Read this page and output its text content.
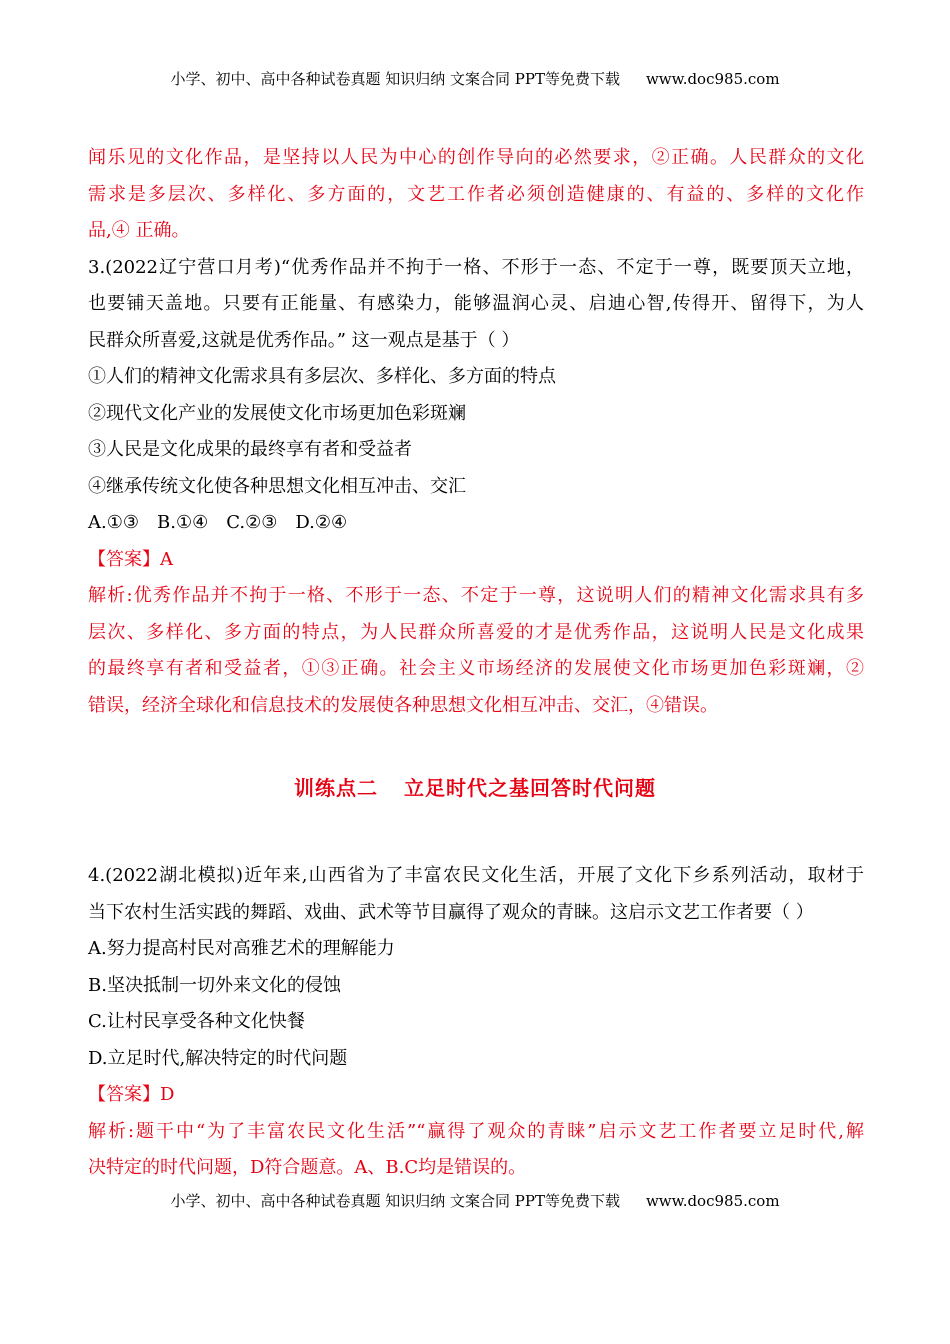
小学、初中、高中各种试卷真题 知识归纳 文案合同 PPT等免费下载 www.doc985.com
闻乐见的文化作品，是坚持以人民为中心的创作导向的必然要求，②正确。人民群众的文化
需求是多层次、多样化、多方面的，文艺工作者必须创造健康的、有益的、多样的文化作
品,④ 正确。
3.(2022辽宁营口月考)“优秀作品并不拘于一格、不形于一态、不定于一尊，既要顶天立地，
也要铺天盖地。只要有正能量、有感染力，能够温润心灵、启迪心智,传得开、留得下，为人
民群众所喜爱,这就是优秀作品。” 这一观点是基于（ ）
①人们的精神文化需求具有多层次、多样化、多方面的特点
②现代文化产业的发展使文化市场更加色彩斑斓
③人民是文化成果的最终享有者和受益者
④继承传统文化使各种思想文化相互冲击、交汇
A.①③ B.①④ C.②③ D.②④
【答案】A
解析:优秀作品并不拘于一格、不形于一态、不定于一尊，这说明人们的精神文化需求具有多
层次、多样化、多方面的特点，为人民群众所喜爱的才是优秀作品，这说明人民是文化成果
的最终享有者和受益者，①③正确。社会主义市场经济的发展使文化市场更加色彩斑斓，②
错误，经济全球化和信息技术的发展使各种思想文化相互冲击、交汇，④错误。
训练点二 立足时代之基回答时代问题
4.(2022湖北模拟)近年来,山西省为了丰富农民文化生活，开展了文化下乡系列活动，取材于
当下农村生活实践的舞蹈、戏曲、武术等节目赢得了观众的青睐。这启示文艺工作者要（ ）
A.努力提高村民对高雅艺术的理解能力
B.坚决抵制一切外来文化的侵蚀
C.让村民享受各种文化快餐
D.立足时代,解决特定的时代问题
【答案】D
解析:题干中“为了丰富农民文化生活”“赢得了观众的青睐”启示文艺工作者要立足时代,解
决特定的时代问题，D符合题意。A、B.C均是错误的。
小学、初中、高中各种试卷真题 知识归纳 文案合同 PPT等免费下载 www.doc985.com
